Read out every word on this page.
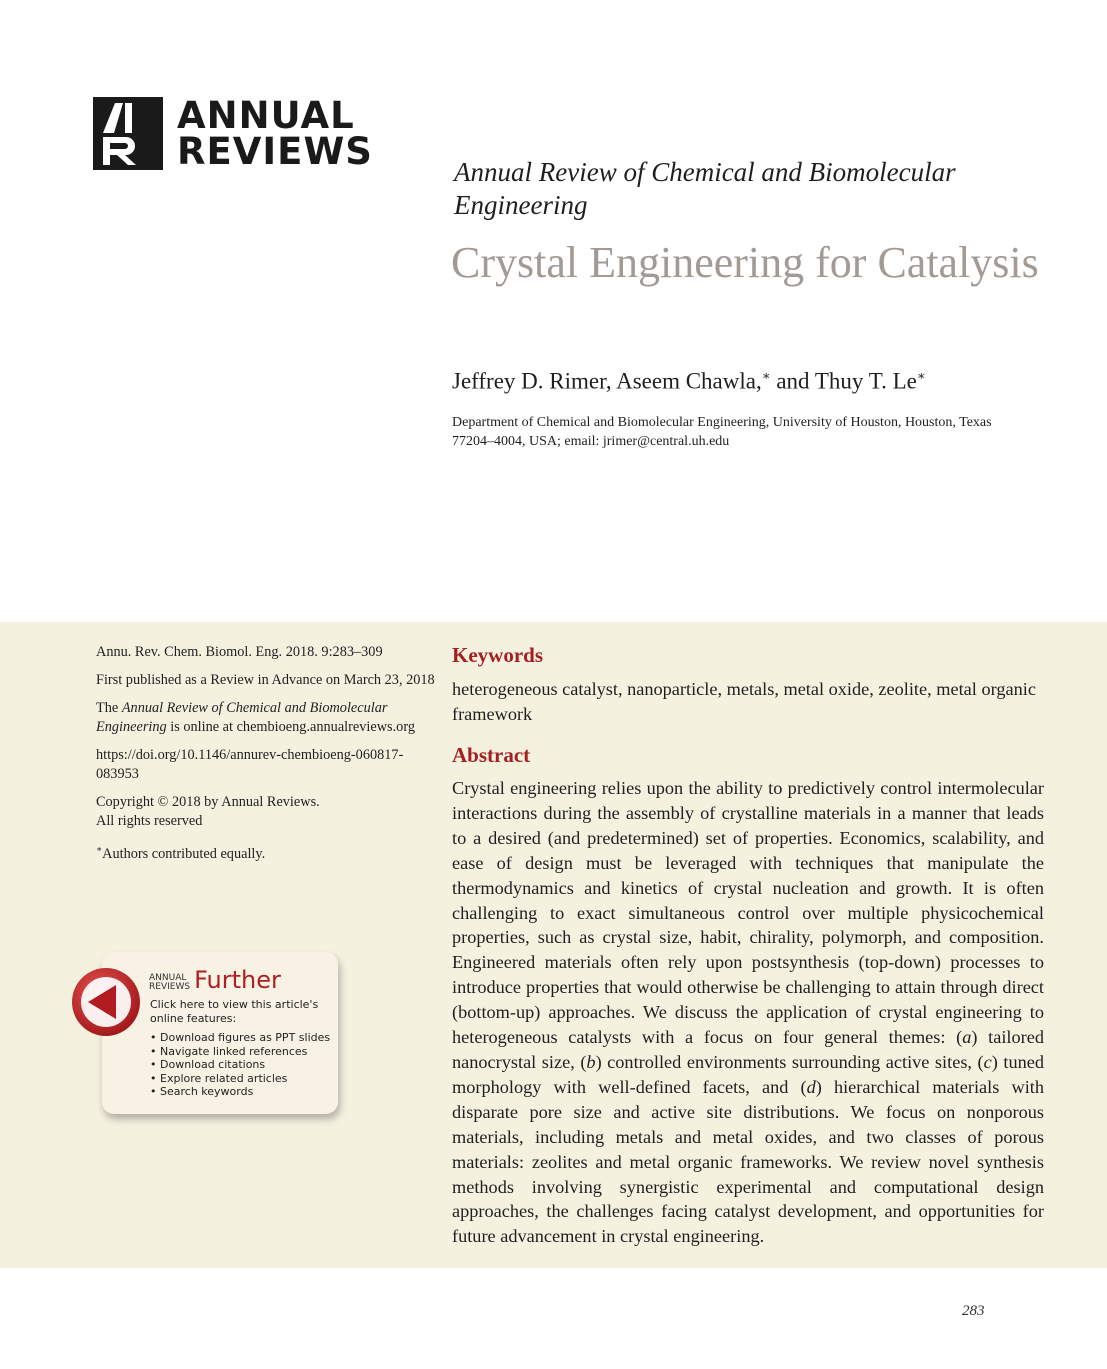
ANNUAL
REVIEWS	Annual Review of Chemical and Biomolecular Engineering
Crystal Engineering for Catalysis
Jeffrey D. Rimer, Aseem Chawla,∗ and Thuy T. Le∗
Department of Chemical and Biomolecular Engineering, University of Houston, Houston, Texas 77204–4004, USA; email: jrimer@central.uh.edu

Annu. Rev. Chem. Biomol. Eng. 2018. 9:283–309

First published as a Review in Advance on March 23, 2018

The Annual Review of Chemical and Biomolecular Engineering is online at chembioeng.annualreviews.org

https://doi.org/10.1146/annurev-chembioeng-060817-083953

Copyright © 2018 by Annual Reviews.
All rights reserved

∗Authors contributed equally.

ANNUAL
REVIEWS Further
Click here to view this article's online features:
• Download figures as PPT slides
• Navigate linked references
• Download citations
• Explore related articles
• Search keywords
Keywords
heterogeneous catalyst, nanoparticle, metals, metal oxide, zeolite, metal organic framework
Abstract
Crystal engineering relies upon the ability to predictively control intermolecular interactions during the assembly of crystalline materials in a manner that leads to a desired (and predetermined) set of properties. Economics, scalability, and ease of design must be leveraged with techniques that manipulate the thermodynamics and kinetics of crystal nucleation and growth. It is often challenging to exact simultaneous control over multiple physicochemical properties, such as crystal size, habit, chirality, polymorph, and composition. Engineered materials often rely upon postsynthesis (top-down) processes to introduce properties that would otherwise be challenging to attain through direct (bottom-up) approaches. We discuss the application of crystal engineering to heterogeneous catalysts with a focus on four general themes: (a) tailored nanocrystal size, (b) controlled environments surrounding active sites, (c) tuned morphology with well-defined facets, and (d) hierarchical materials with disparate pore size and active site distributions. We focus on nonporous materials, including metals and metal oxides, and two classes of porous materials: zeolites and metal organic frameworks. We review novel synthesis methods involving synergistic experimental and computational design approaches, the challenges facing catalyst development, and opportunities for future advancement in crystal engineering.
283
